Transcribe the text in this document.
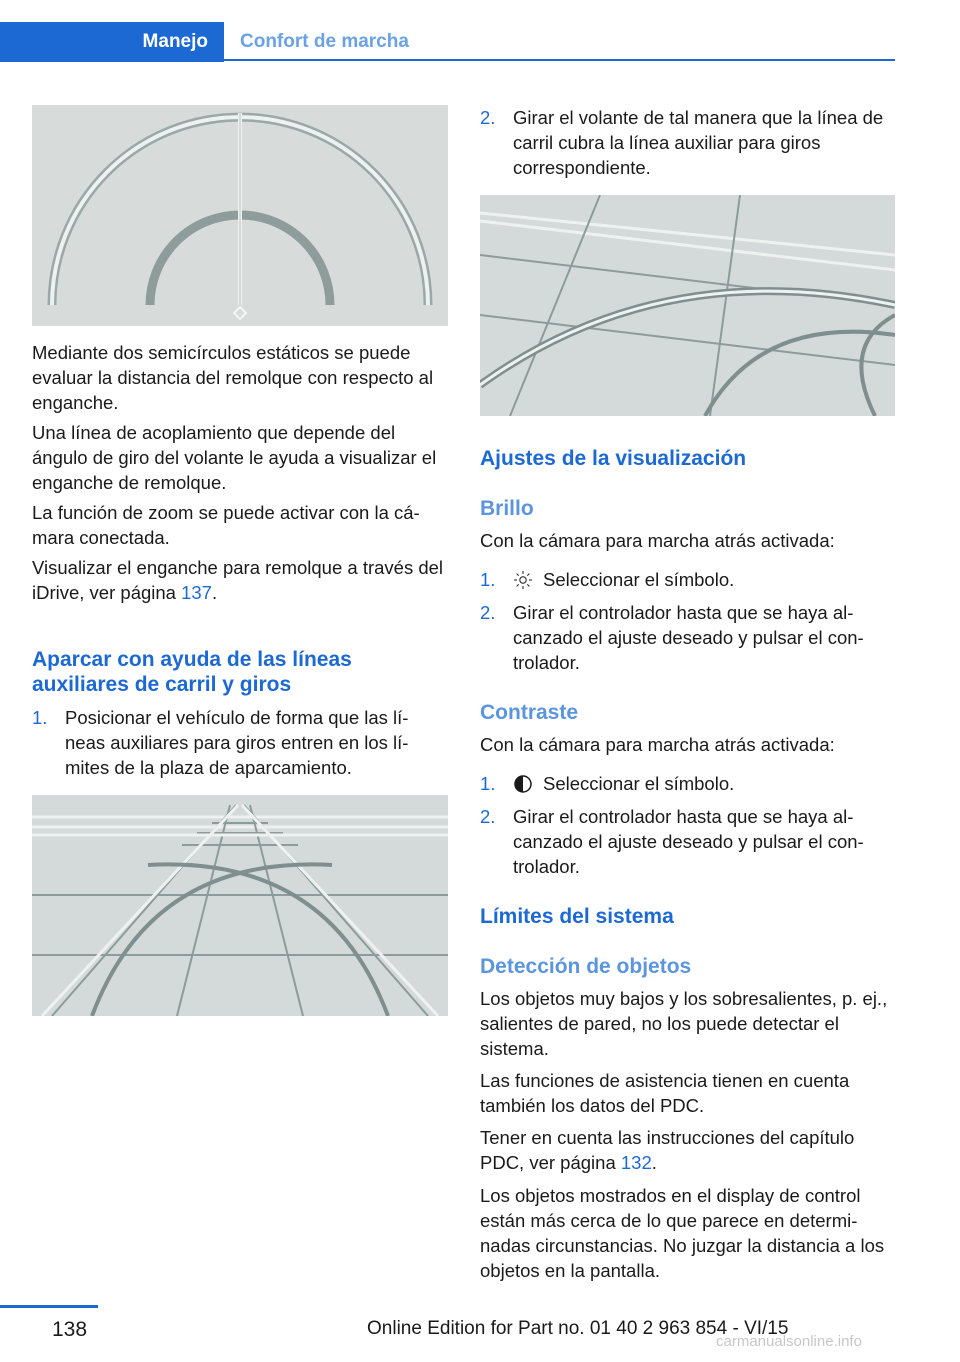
Manejo	Confort de marcha

Mediante dos semicírculos estáticos se puede evaluar la distancia del remolque con respecto al enganche.

Una línea de acoplamiento que depende del ángulo de giro del volante le ayuda a visualizar el enganche de remolque.

La función de zoom se puede activar con la cá‐ mara conectada.

Visualizar el enganche para remolque a través del iDrive, ver página 137.

Aparcar con ayuda de las líneas auxiliares de carril y giros
1. Posicionar el vehículo de forma que las lí‐ neas auxiliares para giros entren en los lí‐ mites de la plaza de aparcamiento.
2. Girar el volante de tal manera que la línea de carril cubra la línea auxiliar para giros correspondiente.
Ajustes de la visualización
Brillo

Con la cámara para marcha atrás activada:

1.	Seleccionar el símbolo.
2. Girar el controlador hasta que se haya al‐ canzado el ajuste deseado y pulsar el con‐ trolador.
Contraste

Con la cámara para marcha atrás activada:

1.	Seleccionar el símbolo.
2. Girar el controlador hasta que se haya al‐ canzado el ajuste deseado y pulsar el con‐ trolador.
Límites del sistema
Detección de objetos

Los objetos muy bajos y los sobresalientes, p. ej., salientes de pared, no los puede detectar el sistema.

Las funciones de asistencia tienen en cuenta también los datos del PDC.

Tener en cuenta las instrucciones del capítulo PDC, ver página 132.

Los objetos mostrados en el display de control están más cerca de lo que parece en determi‐ nadas circunstancias. No juzgar la distancia a los objetos en la pantalla.

138	Online Edition for Part no. 01 40 2 963 854 - VI/15
carmanualsonline.info
